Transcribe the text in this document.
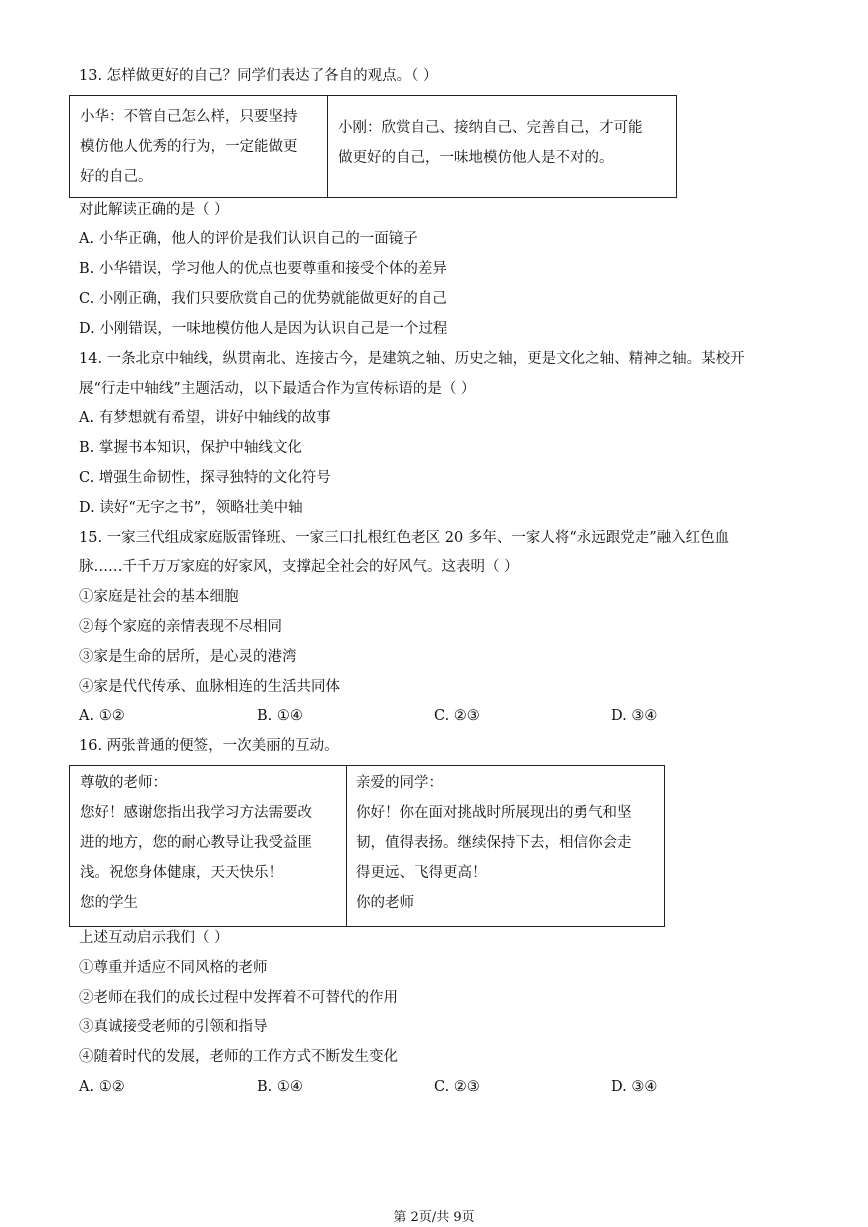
13. 怎样做更好的自己？同学们表达了各自的观点。（ ）

小华：不管自己怎么样，只要坚持

模仿他人优秀的行为，一定能做更

好的自己。

小刚：欣赏自己、接纳自己、完善自己，才可能

做更好的自己，一味地模仿他人是不对的。

对此解读正确的是（ ）
A. 小华正确，他人的评价是我们认识自己的一面镜子
B. 小华错误，学习他人的优点也要尊重和接受个体的差异
C. 小刚正确，我们只要欣赏自己的优势就能做更好的自己
D. 小刚错误，一味地模仿他人是因为认识自己是一个过程
14. 一条北京中轴线，纵贯南北、连接古今，是建筑之轴、历史之轴，更是文化之轴、精神之轴。某校开
展“行走中轴线”主题活动，以下最适合作为宣传标语的是（ ）
A. 有梦想就有希望，讲好中轴线的故事
B. 掌握书本知识，保护中轴线文化
C. 增强生命韧性，探寻独特的文化符号
D. 读好“无字之书”，领略壮美中轴
15. 一家三代组成家庭版雷锋班、一家三口扎根红色老区 20 多年、一家人将“永远跟党走”融入红色血
脉……千千万万家庭的好家风，支撑起全社会的好风气。这表明（ ）
①家庭是社会的基本细胞
②每个家庭的亲情表现不尽相同
③家是生命的居所，是心灵的港湾
④家是代代传承、血脉相连的生活共同体
A. ①②	B. ①④	C. ②③	D. ③④
16. 两张普通的便签，一次美丽的互动。

尊敬的老师：

您好！感谢您指出我学习方法需要改

进的地方，您的耐心教导让我受益匪

浅。祝您身体健康，天天快乐！

您的学生

亲爱的同学：

你好！你在面对挑战时所展现出的勇气和坚

韧，值得表扬。继续保持下去，相信你会走

得更远、飞得更高！

你的老师

上述互动启示我们（ ）
①尊重并适应不同风格的老师
②老师在我们的成长过程中发挥着不可替代的作用
③真诚接受老师的引领和指导
④随着时代的发展，老师的工作方式不断发生变化
A. ①②	B. ①④	C. ②③	D. ③④
第 2页/共 9页
